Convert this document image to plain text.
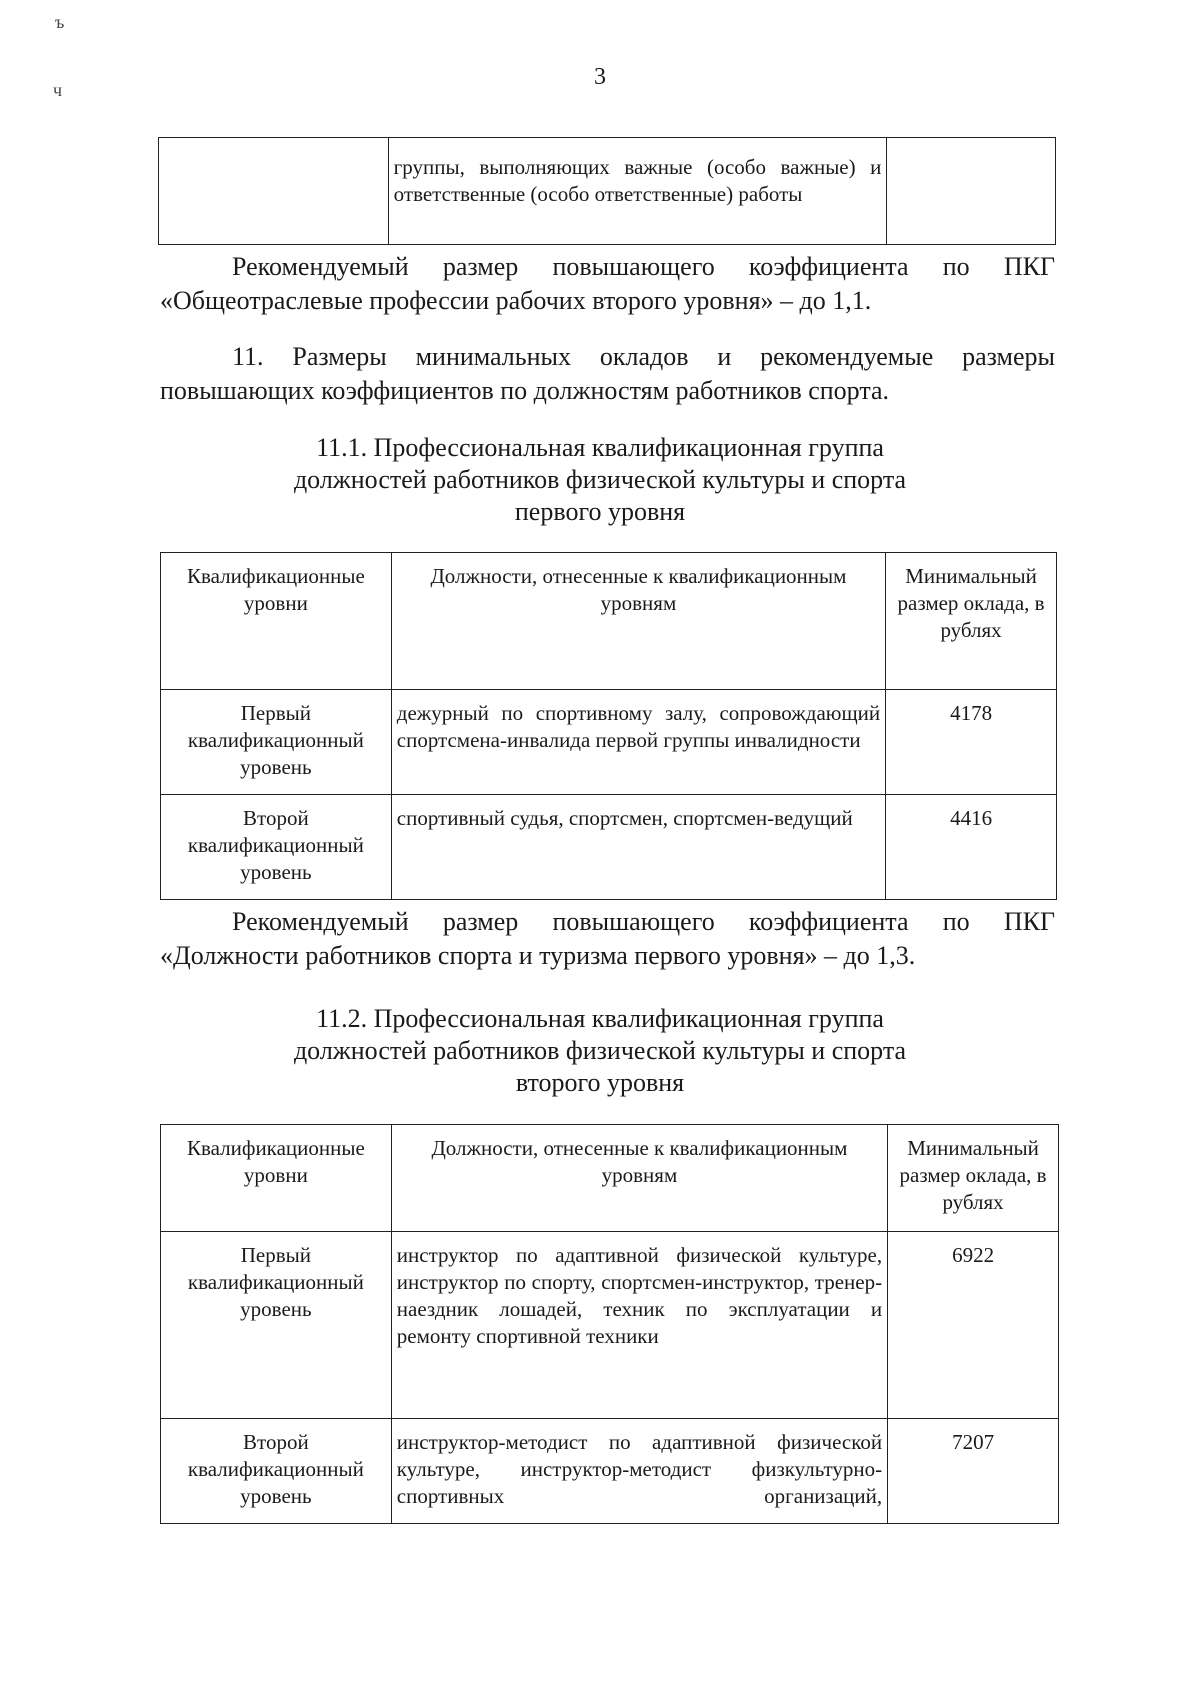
ъ
ч	3
	группы, выполняющих важные (особо важные) и ответственные (особо ответственные) работы	
Рекомендуемый размер повышающего коэффициента по ПКГ
«Общеотраслевые профессии рабочих второго уровня» – до 1,1.
11. Размеры минимальных окладов и рекомендуемые размеры
повышающих коэффициентов по должностям работников спорта.
11.1. Профессиональная квалификационная группа
должностей работников физической культуры и спорта
первого уровня
Квалификационные уровни	Должности, отнесенные к квалификационным уровням	Минимальный размер оклада, в рублях
Первый квалификационный уровень	дежурный по спортивному залу, сопровождающий спортсмена-инвалида первой группы инвалидности	4178
Второй квалификационный уровень	спортивный судья, спортсмен, спортсмен-ведущий	4416
Рекомендуемый размер повышающего коэффициента по ПКГ
«Должности работников спорта и туризма первого уровня» – до 1,3.
11.2. Профессиональная квалификационная группа
должностей работников физической культуры и спорта
второго уровня
Квалификационные уровни	Должности, отнесенные к квалификационным уровням	Минимальный размер оклада, в рублях
Первый квалификационный уровень	инструктор по адаптивной физической культуре, инструктор по спорту, спортсмен-инструктор, тренер-наездник лошадей, техник по эксплуатации и ремонту спортивной техники	6922
Второй квалификационный уровень	инструктор-методист по адаптивной физической культуре, инструктор-методист физкультурно-спортивных организаций,	7207
